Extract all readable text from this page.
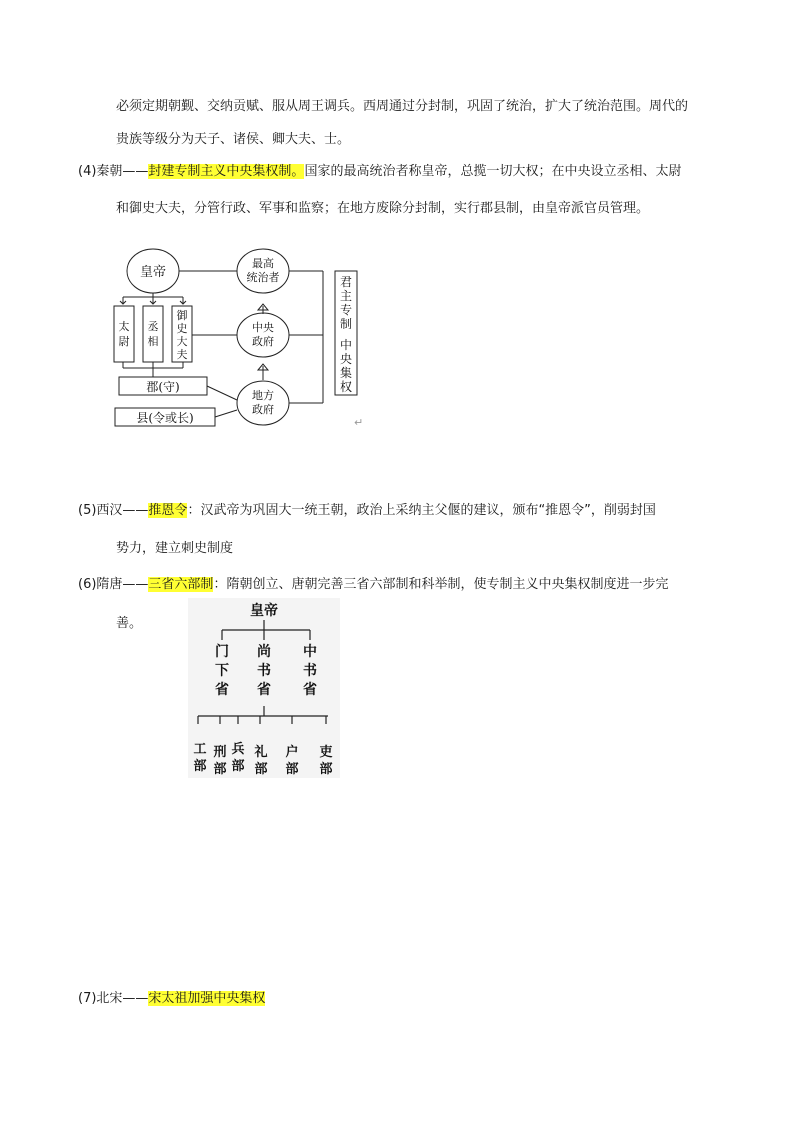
必须定期朝觐、交纳贡赋、服从周王调兵。西周通过分封制，巩固了统治，扩大了统治范围。周代的
贵族等级分为天子、诸侯、卿大夫、士。
(4)秦朝——封建专制主义中央集权制。国家的最高统治者称皇帝，总揽一切大权；在中央设立丞相、太尉
和御史大夫，分管行政、军事和监察；在地方废除分封制，实行郡县制，由皇帝派官员管理。
皇帝
最高
统治者
中央
政府
地方
政府
太
尉
丞
相
御
史
大
夫
郡(守)
县(令或长)
君
主
专
制
中
央
集
权
↵
(5)西汉——推恩令：汉武帝为巩固大一统王朝，政治上采纳主父偃的建议，颁布“推恩令”，削弱封国
势力，建立刺史制度
(6)隋唐——三省六部制：隋朝创立、唐朝完善三省六部制和科举制，使专制主义中央集权制度进一步完
善。
皇帝
门
下
省
尚
书
省
中
书
省
工
部
刑
部
兵
部
礼
部
户
部
吏
部
(7)北宋——宋太祖加强中央集权
